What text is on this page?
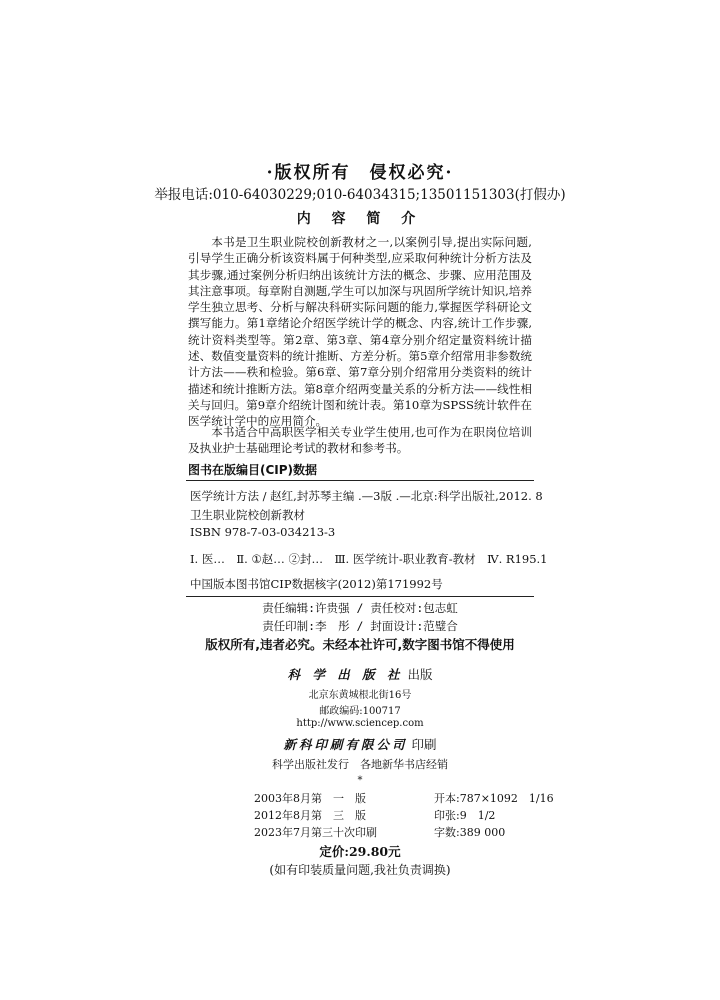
·版权所有　侵权必究·
举报电话:010-64030229;010-64034315;13501151303(打假办)
内 容 简 介

本书是卫生职业院校创新教材之一,以案例引导,提出实际问题,引导学生正确分析该资料属于何种类型,应采取何种统计分析方法及其步骤,通过案例分析归纳出该统计方法的概念、步骤、应用范围及其注意事项。每章附自测题,学生可以加深与巩固所学统计知识,培养学生独立思考、分析与解决科研实际问题的能力,掌握医学科研论文撰写能力。第1章绪论介绍医学统计学的概念、内容,统计工作步骤,统计资料类型等。第2章、第3章、第4章分别介绍定量资料统计描述、数值变量资料的统计推断、方差分析。第5章介绍常用非参数统计方法——秩和检验。第6章、第7章分别介绍常用分类资料的统计描述和统计推断方法。第8章介绍两变量关系的分析方法——线性相关与回归。第9章介绍统计图和统计表。第10章为SPSS统计软件在医学统计学中的应用简介。

本书适合中高职医学相关专业学生使用,也可作为在职岗位培训及执业护士基础理论考试的教材和参考书。

图书在版编目(CIP)数据
医学统计方法 / 赵红,封苏琴主编 .—3版 .—北京:科学出版社,2012. 8
卫生职业院校创新教材
ISBN 978-7-03-034213-3
Ⅰ. 医…　Ⅱ. ①赵… ②封…　Ⅲ. 医学统计-职业教育-教材　Ⅳ. R195.1
中国版本图书馆CIP数据核字(2012)第171992号
责任编辑:许贵强 / 责任校对:包志虹
责任印制:李　彤 / 封面设计:范璧合
版权所有,违者必究。未经本社许可,数字图书馆不得使用
科 学 出 版 社 出版
北京东黄城根北街16号
邮政编码:100717
http://www.sciencep.com
新科印刷有限公司 印刷
科学出版社发行　各地新华书店经销
*
2003年8月第　一　版	开本:787×1092　1/16
2012年8月第　三　版	印张:9　1/2
2023年7月第三十次印刷	字数:389 000
定价:29.80元
(如有印装质量问题,我社负责调换)
